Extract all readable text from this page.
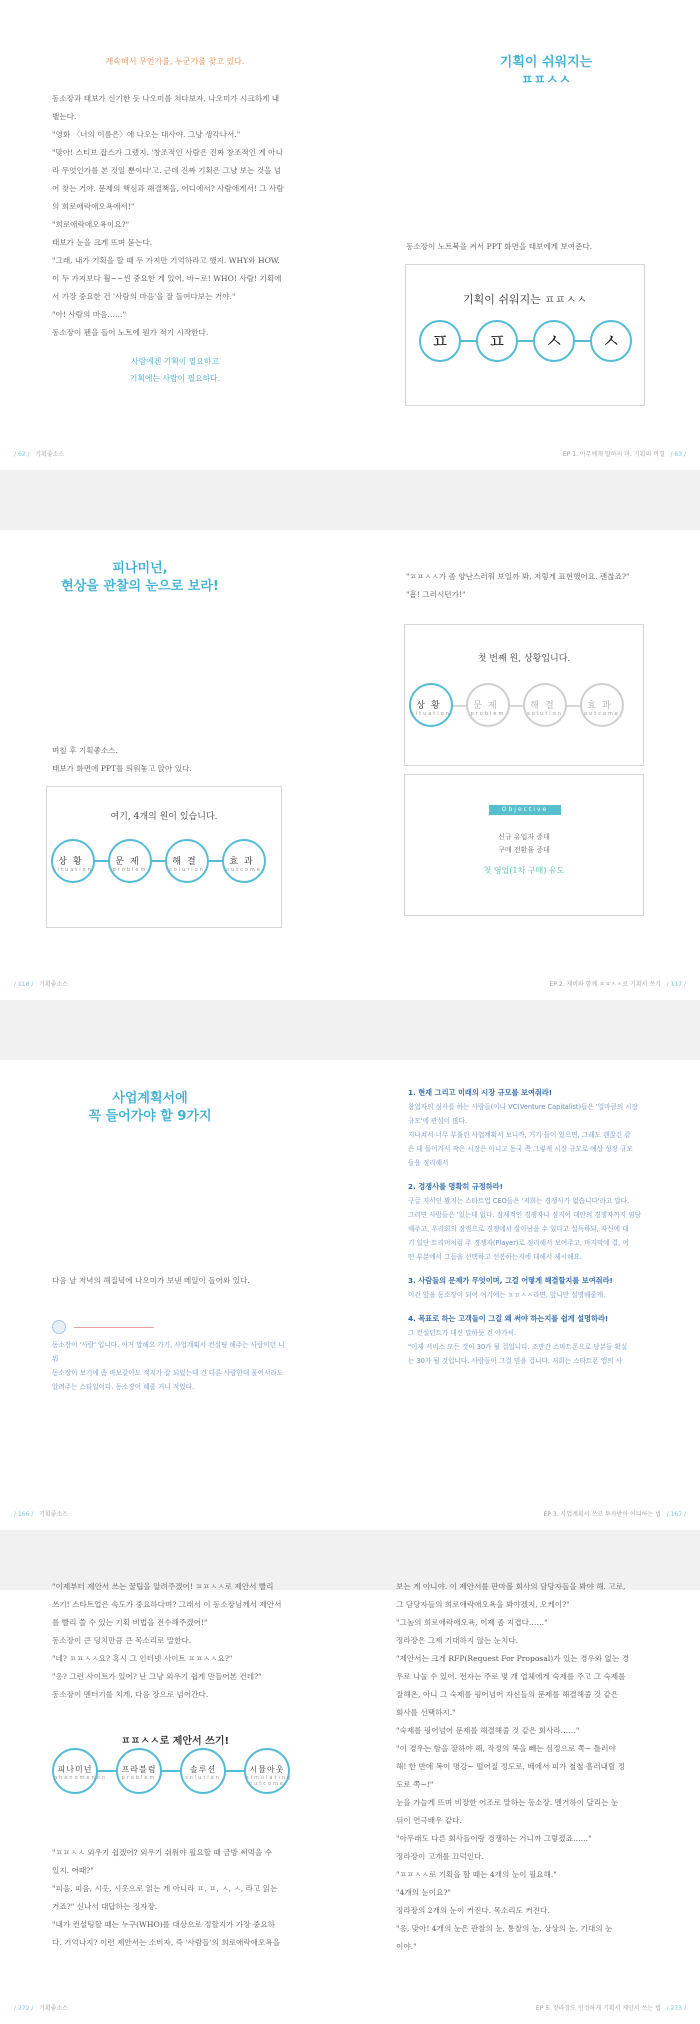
계속해서 무언가를, 누군가를 찾고 있다.

동소장과 태보가 신기한 듯 나오미를 쳐다보자, 나오미가 시크하게 내뱉는다.

"영화 〈너의 이름은〉에 나오는 대사야. 그냥 생각나서."

"맞아! 스티브 잡스가 그랬지. '창조적인 사람은 진짜 창조적인 게 아니라 무엇인가를 본 것일 뿐이다'고. 근데 진짜 기획은 그냥 보는 것을 넘어 찾는 거야. 문제의 핵심과 해결책을, 어디에서? 사람에게서! 그 사람의 희로애락애오욕에서!"

"희로애락애오욕이요?"

태보가 눈을 크게 뜨며 묻는다.

"그래, 내가 기획을 할 때 두 가지만 기억하라고 했지. WHY와 HOW. 이 두 가지보다 훨~~씬 중요한 게 있어, 바~로! WHO! 사람! 기획에서 가장 중요한 건 '사람의 마음'을 잘 들여다보는 거야."

"아! 사람의 마음……"

동소장이 펜을 들어 노트에 뭔가 적기 시작한다.

사람에겐 기획이 필요하고
기획에는 사람이 필요하다.
/ 62 / 기획좋소스
기획이 쉬워지는
ㅍㅍㅅㅅ
동소장이 노트북을 켜서 PPT 화면을 태보에게 보여준다.
기획이 쉬워지는 ㅍㅍㅅㅅ
ㅍ	ㅍ	ㅅ	ㅅ
EP 1. 아무에게 말하지 마. 기획의 비결 / 63 /
피나미넌,
현상을 관찰의 눈으로 보라!
며칠 후 기획좋소스.
태보가 화면에 PPT를 띄워놓고 앉아 있다.
여기, 4개의 원이 있습니다.
상황
situation
문제
problem
해결
solution
효과
outcome
/ 116 / 기획좋소스
"ㅍㅍㅅㅅ가 좀 양난스러워 보일까 봐, 저렇게 표현했어요. 괜찮죠?"
"흠! 그러시던가!"
첫 번째 원, 상황입니다.
상황
situation
문제
problem
해결
solution
효과
outcome
Objective
신규 유입자 증대
구매 전환율 증대
첫 영업(1차 구매) 유도
EP 2. 제비와 함께 ㅍㅍㅅㅅ로 기획서 쓰기 / 117 /
사업계획서에
꼭 들어가야 할 9가지
다음 날 저녁의 해질녘에 나오미가 보낸 메일이 들어와 있다.
동소장이 '사람' 입니다. 이거 말해요 가기, 사업계획서 컨설팅 해주는 사람이던 니 뭐
동소장이 보기에 좀 바보같아도 적지가 잘 되었는데 건 다른 사람한테 물어서라도
알려주는 스타일이다. 동소장이 해줄 거니 적었다.
/ 166 / 기획좋소스
1. 현재 그리고 미래의 시장 규모를 보여줘라!
창업자의 심사를 하는 사람들(이나 VC(Venture Capitalist)들은 '얼마큼의 시장
규모'에 관심이 많다.
지나쳐서 너무 부풀린 사업계획서 보니까, 거기 들어 있으면, 그래도 괜찮긴 같
은 데 들어가서 작은 시장은 아니고 동국 쪽 그렇게 시장 규모로 예상 성장 규모
들을 정리해서
2. 경쟁사를 명확히 규정하라!
구글 지식인 봤지는 스타트업 CEO들은 '저희는 경쟁사가 없습니다'라고 말다.
그러면 사람들은 '있는데 없다. 잠재적인 경쟁자나 심지어 대안의 경쟁자까지 염담
해주고, 우리회의 장점으로 경쟁에서 살아남을 수 있다고 설득하되, 자신에 대
기 일단 트리머처럼 주 경쟁자(Player)로 정리해서 보여주고, 마지막에 결, 어
떤 부분에서 그들을 선택하고 선봉하는지에 대해서 제시해요.
3. 사람들의 문제가 무엇이며, 그걸 어떻게 해결할지를 보여줘라!
이건 앞을 동소장이 되어 여기에는 ㅍㅍㅅㅅ라면, 앞니만 설명해줄게.
4. 목표로 하는 고객들이 그걸 왜 써야 하는지를 쉽게 설명하라!
그 컨설턴트가 대신 말하듯 건 아가씨.
"이제 서비스 모든 것이 30가 될 겁입니다. 조만간 스마트폰으로 당분들 확실
는 30가 될 것입니다. 사람들이 그걸 믿을 겁니다. 저희는 스타트폰 앱의 사
EP 3. 사업계획서 쓰고 투자받아 어디하는 법 / 167 /

"이제부터 제안서 쓰는 꿀팁을 알려주겠어! ㅍㅍㅅㅅ로 제안서 빨리

쓰기! 스타트업은 속도가 중요하다며? 그래서 이 동소장님께서 제안서

를 빨리 쓸 수 있는 기획 비법을 전수해주겠어!"

동소장이 큰 딩치만큼 큰 목소리로 말한다.

"네? ㅍㅍㅅㅅ요? 혹시 그 인터넷 사이트 ㅍㅍㅅㅅ요?"

"응? 그런 사이트가 있어? 난 그냥 외우기 쉽게 만들어본 건데?"

동소장이 멘터기를 치게, 다음 장으로 넘어간다.

ㅍㅍㅅㅅ로 제안서 쓰기!
피나미넌
phenomenon
프라블럼
problem
솔루션
solution
시뮬아웃
simulating outcome

"ㅍㅍㅅㅅ 외우기 쉽겠어? 외우기 쉬워야 필요할 때 금방 써먹을 수

있지. 어때?"

"피음, 피음, 시옷, 시옷으로 읽는 게 아니라 ㅍ, ㅍ, ㅅ, ㅅ, 라고 읽는

거죠?" 신나서 대답하는 징자장.

"내가 컨설팅할 때는 누구(WHO)를 대상으로 정할지가 가장 중요하

다. 기억나지? 이런 제안서는 소비자, 즉 '사람들'의 희로애락애오욕을

/ 272 / 기획좋소스

보는 게 아니야. 이 제안서를 판마볼 회사의 담당자들을 봐야 해. 고로,

그 담당자들의 희로애락애오욕을 봐야겠지, 오케이?"

"그놈의 희로애락애오욕, 이제 좀 지겹다……"

징라장은 그제 기대하지 않는 눈치다.

"제안서는 크게 RFP(Request For Proposal)가 있는 경우와 없는 경

우로 나눌 수 있어. 전자는 주로 몇 개 업체에게 숙제를 주고 그 숙제를

잘해온, 아니 그 숙제를 핑어넘어 자신들의 문제를 해결해줄 것 같은

회사를 선택하지."

"숙제를 핑어넘어 문제를 해결해줄 것 같은 회사라……"

"이 경우는 함을 잘하야 해, 작정의 복을 빼는 심정으로 쪽~ 틀러야

해! 한 반에 복이 명강~ 떨어질 정도로, 배에서 피가 철철 흘러내릴 정

도로 쪽~!"

눈을 가늘게 뜨며 비장한 어조로 말하는 동소장. 멘거하이 달리는 눈

뒤이 연극배우 같다.

"아무래도 다른 회사들이랑 경쟁하는 거니까 그렇겠죠……"

징라장이 고개를 끄덕인다.

"ㅍㅍㅅㅅ로 기획을 할 때는 4개의 눈이 필요해."

"4개의 눈이요?"

징라장의 2개의 눈이 커진다. 목소리도 커진다.

"응, 맞아! 4개의 눈은 관찰의 눈, 통찰의 눈, 상상의 눈, 기대의 눈

이야."

EP 5. 장라장도 인정하게 기획서 제안서 쓰는 법 / 273 /
